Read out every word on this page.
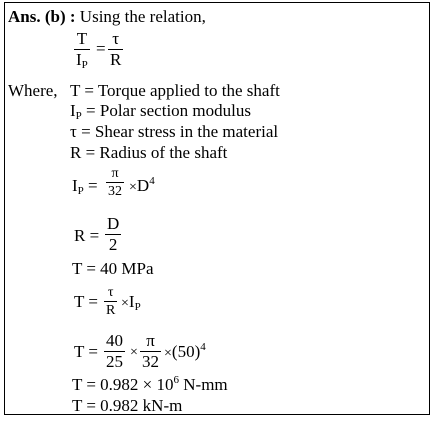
Ans. (b) : Using the relation,
T
IP
=
τ
R
Where, T = Torque applied to the shaft
IP = Polar section modulus
τ = Shear stress in the material
R = Radius of the shaft
IP =
π
$32 \times D^4$
R =
D
2
T = 40 MPa
T = τ
R ×IP
T =
40
25 ×
π
$32 \times(50)^4$
$T = 0.982 \times 10^6$ N-mm
T = 0.982 kN-m
